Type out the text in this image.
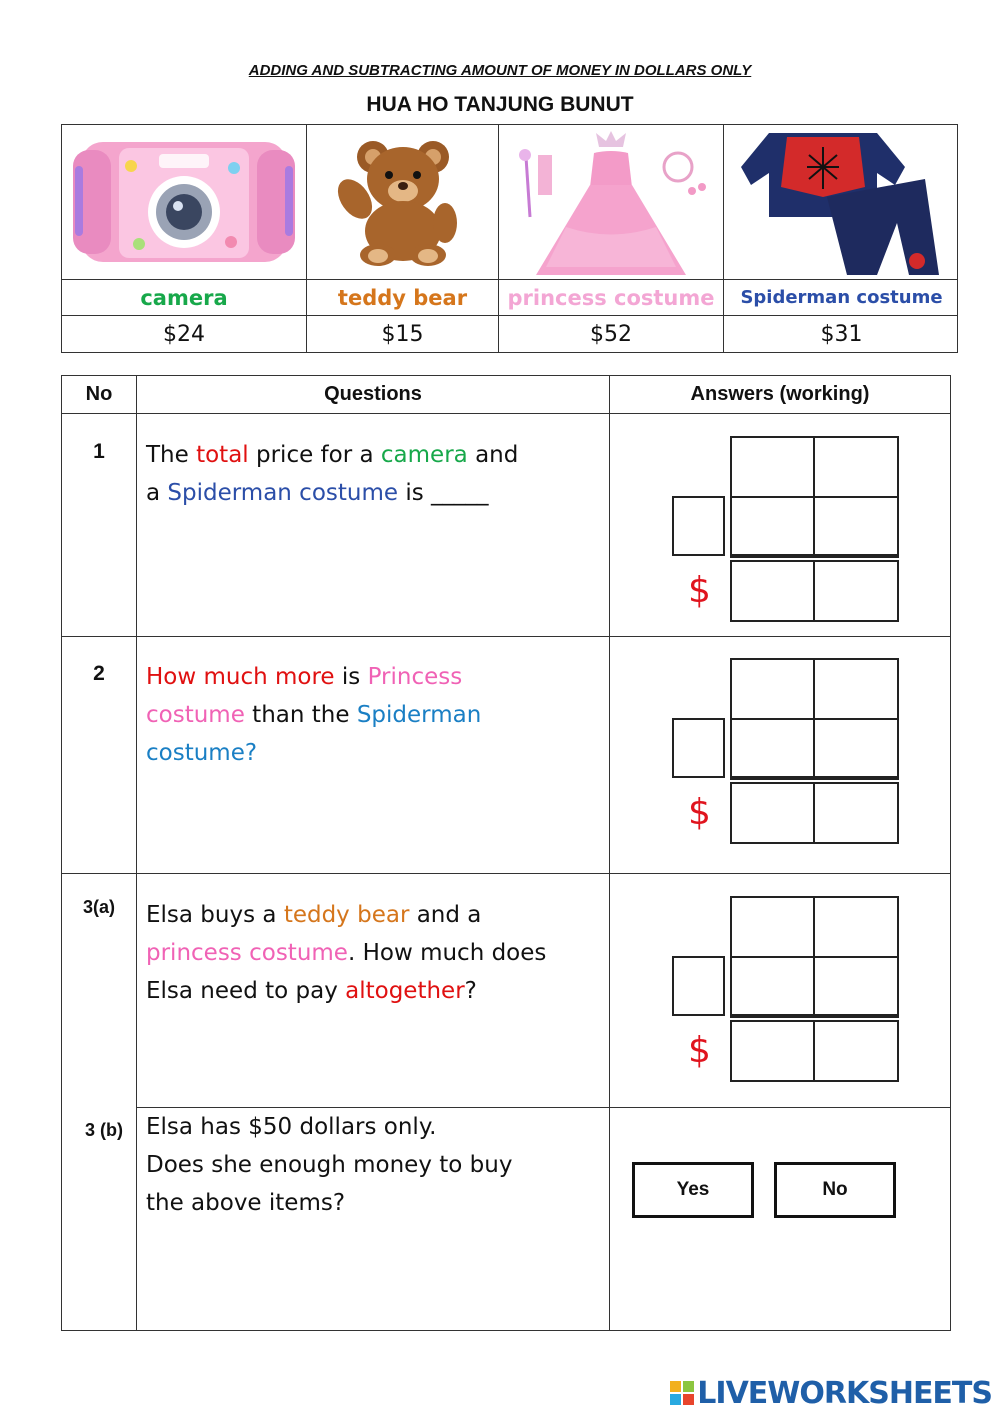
ADDING AND SUBTRACTING AMOUNT OF MONEY IN DOLLARS ONLY
HUA HO TANJUNG BUNUT
camera	teddy bear	princess costume	Spiderman costume
$24	$15	$52	$31
No	Questions	Answers (working)
1	The total price for a camera and
a Spiderman costume is _____
2	How much more is Princess
costume than the Spiderman
costume?
3(a)	Elsa buys a teddy bear and a
princess costume. How much does
Elsa need to pay altogether?
3 (b)	Elsa has $50 dollars only.
Does she enough money to buy
the above items?
Yes	No
$
$
$
LIVEWORKSHEETS
